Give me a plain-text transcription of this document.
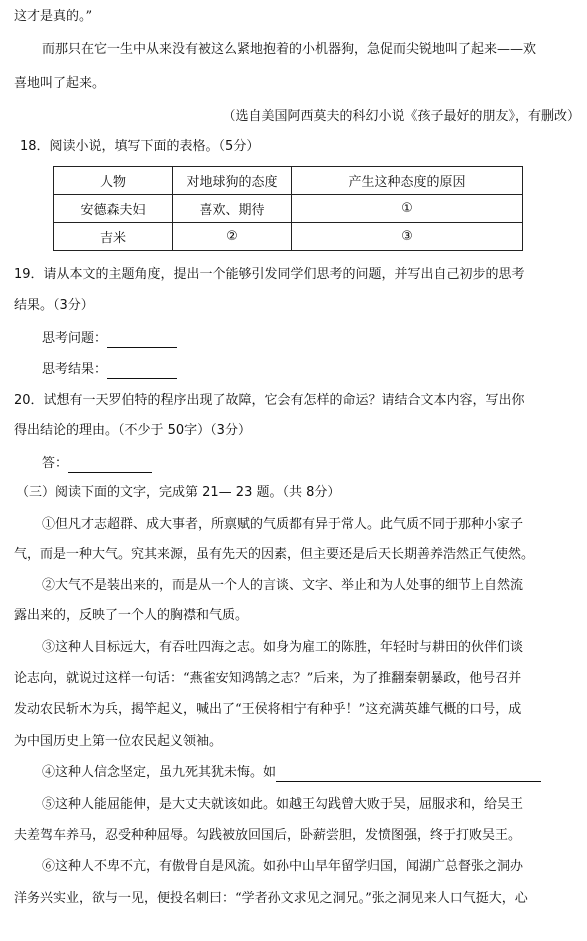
这才是真的。”
而那只在它一生中从来没有被这么紧地抱着的小机器狗，急促而尖锐地叫了起来——欢
喜地叫了起来。
（选自美国阿西莫夫的科幻小说《孩子最好的朋友》，有删改）
18．阅读小说，填写下面的表格。（5分）
人物	对地球狗的态度	产生这种态度的原因
安德森夫妇	喜欢、期待	①
吉米	②	③
19．请从本文的主题角度，提出一个能够引发同学们思考的问题，并写出自己初步的思考
结果。（3分）
思考问题：
思考结果：
20．试想有一天罗伯特的程序出现了故障，它会有怎样的命运？请结合文本内容，写出你
得出结论的理由。（不少于 50字）（3分）
答：
（三）阅读下面的文字，完成第 21— 23 题。（共 8分）
①但凡才志超群、成大事者，所禀赋的气质都有异于常人。此气质不同于那种小家子
气，而是一种大气。究其来源，虽有先天的因素，但主要还是后天长期善养浩然正气使然。
②大气不是装出来的，而是从一个人的言谈、文字、举止和为人处事的细节上自然流
露出来的，反映了一个人的胸襟和气质。
③这种人目标远大，有吞吐四海之志。如身为雇工的陈胜，年轻时与耕田的伙伴们谈
论志向，就说过这样一句话：“燕雀安知鸿鹄之志？”后来，为了推翻秦朝暴政，他号召并
发动农民斩木为兵，揭竿起义，喊出了“王侯将相宁有种乎！”这充满英雄气概的口号，成
为中国历史上第一位农民起义领袖。
④这种人信念坚定，虽九死其犹未悔。如
⑤这种人能屈能伸，是大丈夫就该如此。如越王勾践曾大败于吴，屈服求和，给吴王
夫差驾车养马，忍受种种屈辱。勾践被放回国后，卧薪尝胆，发愤图强，终于打败吴王。
⑥这种人不卑不亢，有傲骨自是风流。如孙中山早年留学归国，闻湖广总督张之洞办
洋务兴实业，欲与一见，便投名刺曰：“学者孙文求见之洞兄。”张之洞见来人口气挺大，心
